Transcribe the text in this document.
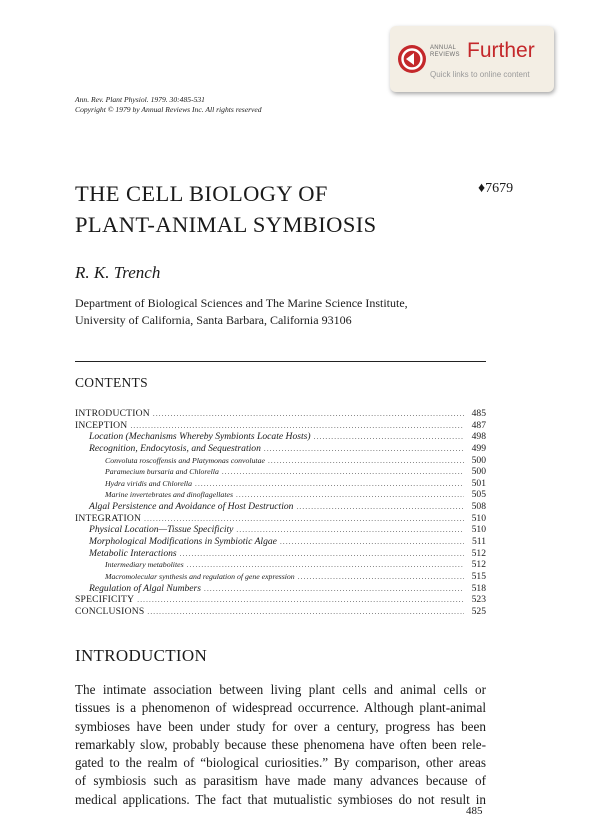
ANNUAL
REVIEWS Further
Quick links to online content
Ann. Rev. Plant Physiol. 1979. 30:485-531
Copyright © 1979 by Annual Reviews Inc. All rights reserved
THE CELL BIOLOGY OF
PLANT-ANIMAL SYMBIOSIS
♦7679
R. K. Trench
Department of Biological Sciences and The Marine Science Institute,
University of California, Santa Barbara, California 93106
CONTENTS
INTRODUCTION .....	485
INCEPTION .....	487
Location (Mechanisms Whereby Symbionts Locate Hosts) .....	498
Recognition, Endocytosis, and Sequestration .....	499
Convoluta roscoffensis and Platymonas convolutae .....	500
Paramecium bursaria and Chlorella .....	500
Hydra viridis and Chlorella .....	501
Marine invertebrates and dinoflagellates .....	505
Algal Persistence and Avoidance of Host Destruction .....	508
INTEGRATION .....	510
Physical Location—Tissue Specificity .....	510
Morphological Modifications in Symbiotic Algae .....	511
Metabolic Interactions .....	512
Intermediary metabolites .....	512
Macromolecular synthesis and regulation of gene expression .....	515
Regulation of Algal Numbers .....	518
SPECIFICITY .....	523
CONCLUSIONS .....	525
INTRODUCTION
The intimate association between living plant cells and animal cells or
tissues is a phenomenon of widespread occurrence. Although plant-animal
symbioses have been under study for over a century, progress has been
remarkably slow, probably because these phenomena have often been rele-
gated to the realm of “biological curiosities.” By comparison, other areas
of symbiosis such as parasitism have made many advances because of
medical applications. The fact that mutualistic symbioses do not result in
485
